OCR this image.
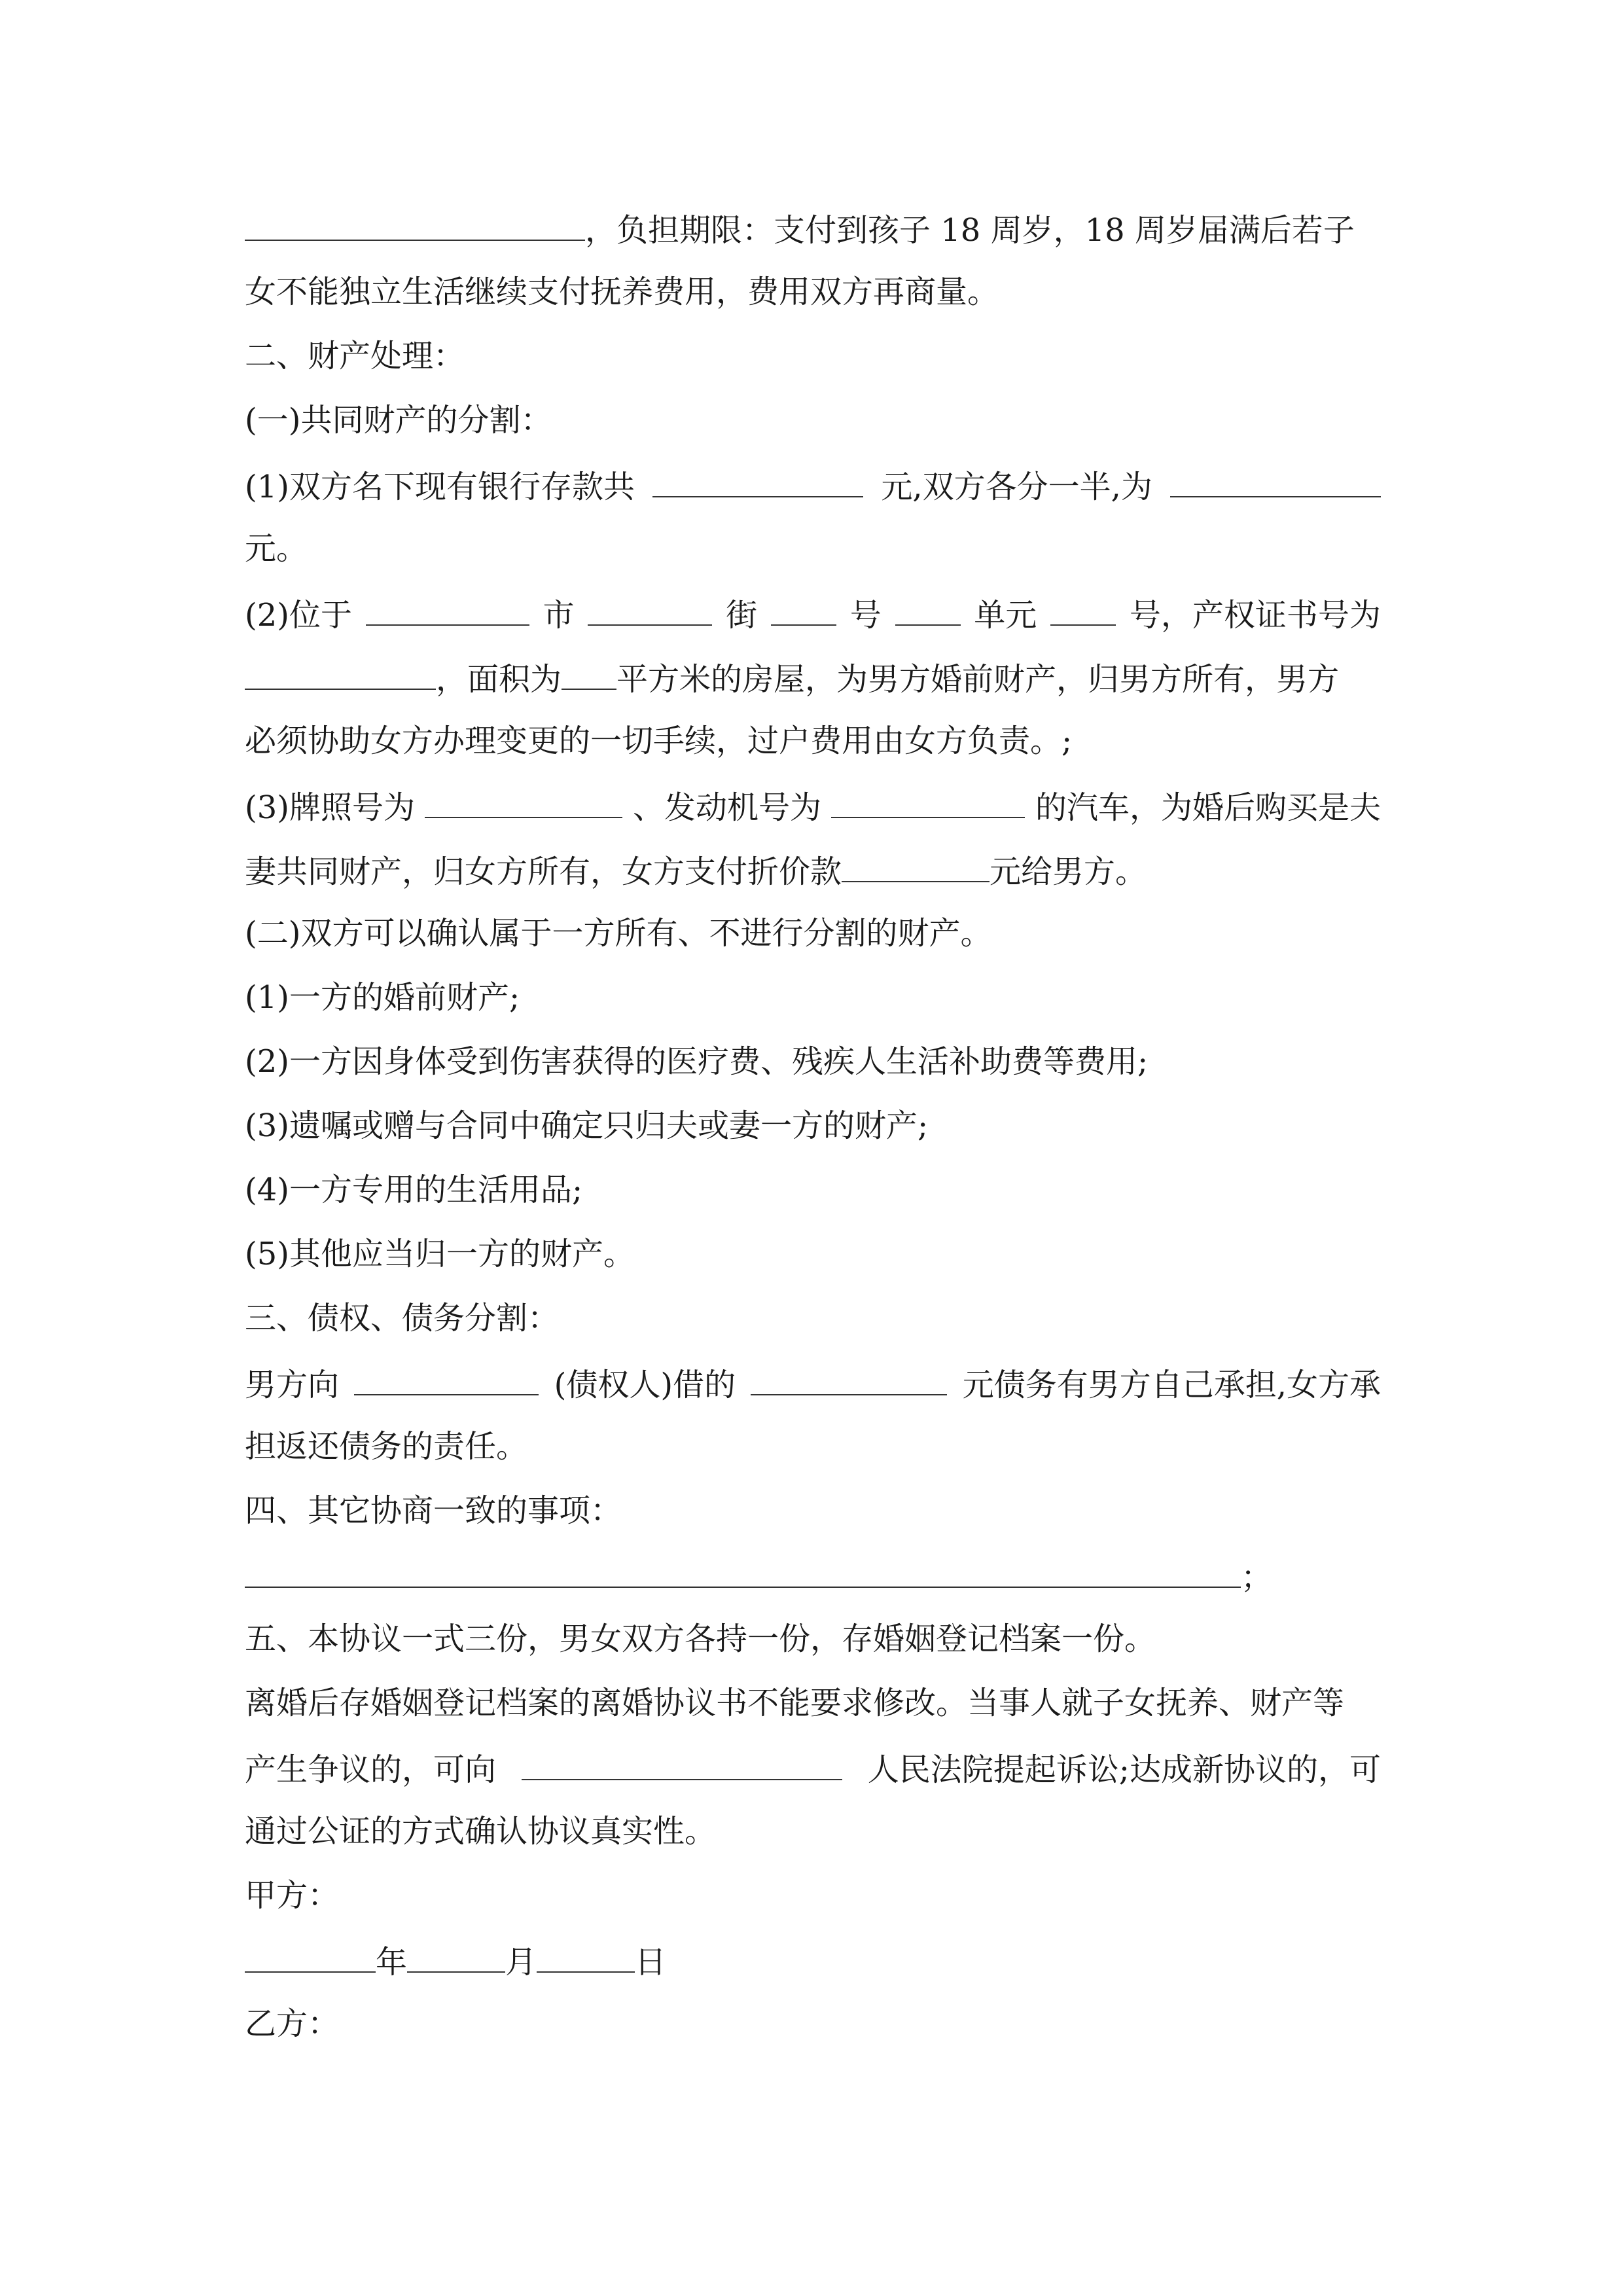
，负担期限：支付到孩子 18 周岁，18 周岁届满后若子
女不能独立生活继续支付抚养费用，费用双方再商量。
二、财产处理：
(一)共同财产的分割：
(1)双方名下现有银行存款共	元,双方各分一半,为
元。
(2)位于	市	街	号	单元	号，产权证书号为
，面积为 平方米的房屋，为男方婚前财产，归男方所有，男方
必须协助女方办理变更的一切手续，过户费用由女方负责。;
(3)牌照号为	、发动机号为	的汽车，为婚后购买是夫
妻共同财产，归女方所有，女方支付折价款	元给男方。
(二)双方可以确认属于一方所有、不进行分割的财产。
(1)一方的婚前财产;
(2)一方因身体受到伤害获得的医疗费、残疾人生活补助费等费用;
(3)遗嘱或赠与合同中确定只归夫或妻一方的财产;
(4)一方专用的生活用品;
(5)其他应当归一方的财产。
三、债权、债务分割：
男方向	(债权人)借的	元债务有男方自己承担,女方承
担返还债务的责任。
四、其它协商一致的事项：
；
五、本协议一式三份，男女双方各持一份，存婚姻登记档案一份。
离婚后存婚姻登记档案的离婚协议书不能要求修改。当事人就子女抚养、财产等
产生争议的，可向	人民法院提起诉讼;达成新协议的，可
通过公证的方式确认协议真实性。
甲方：
年	月	日
乙方：
